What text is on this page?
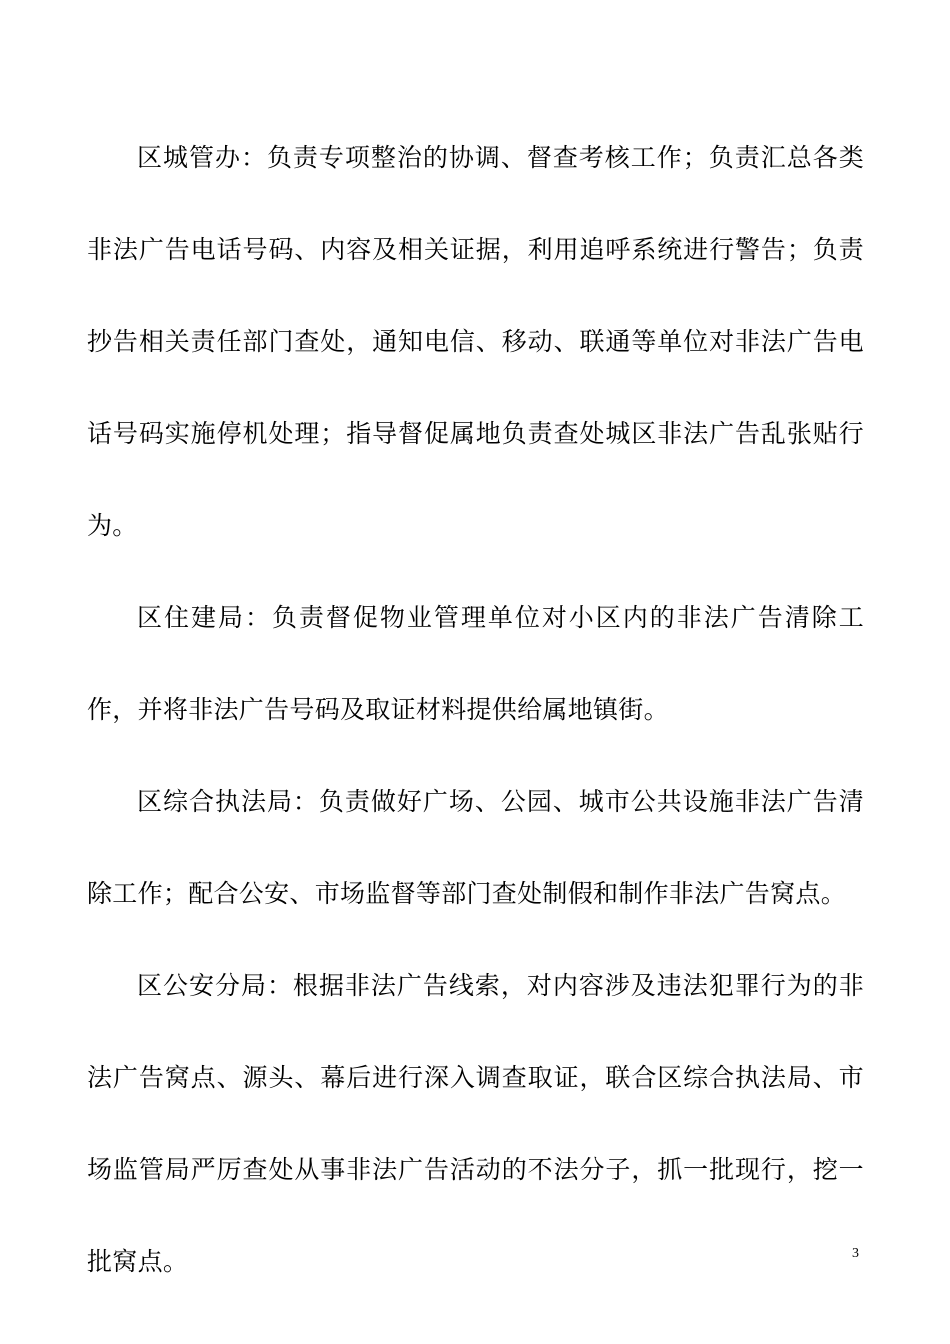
区城管办：负责专项整治的协调、督查考核工作；负责汇总各类非法广告电话号码、内容及相关证据，利用追呼系统进行警告；负责抄告相关责任部门查处，通知电信、移动、联通等单位对非法广告电话号码实施停机处理；指导督促属地负责查处城区非法广告乱张贴行为。

区住建局：负责督促物业管理单位对小区内的非法广告清除工作，并将非法广告号码及取证材料提供给属地镇街。

区综合执法局：负责做好广场、公园、城市公共设施非法广告清除工作；配合公安、市场监督等部门查处制假和制作非法广告窝点。

区公安分局：根据非法广告线索，对内容涉及违法犯罪行为的非法广告窝点、源头、幕后进行深入调查取证，联合区综合执法局、市场监管局严厉查处从事非法广告活动的不法分子，抓一批现行，挖一批窝点。	3
